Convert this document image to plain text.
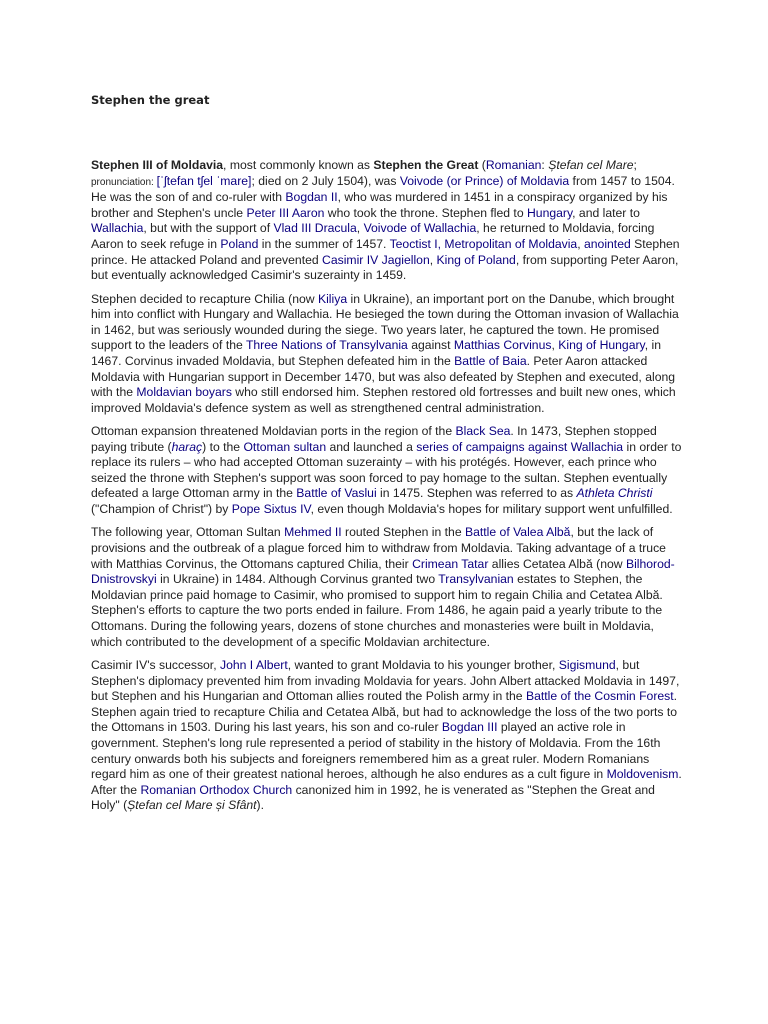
Stephen the great

Stephen III of Moldavia, most commonly known as Stephen the Great (Romanian: Ștefan cel Mare; pronunciation: [ˈʃtefan tʃel ˈmare]; died on 2 July 1504), was Voivode (or Prince) of Moldavia from 1457 to 1504. He was the son of and co-ruler with Bogdan II, who was murdered in 1451 in a conspiracy organized by his brother and Stephen's uncle Peter III Aaron who took the throne. Stephen fled to Hungary, and later to Wallachia, but with the support of Vlad III Dracula, Voivode of Wallachia, he returned to Moldavia, forcing Aaron to seek refuge in Poland in the summer of 1457. Teoctist I, Metropolitan of Moldavia, anointed Stephen prince. He attacked Poland and prevented Casimir IV Jagiellon, King of Poland, from supporting Peter Aaron, but eventually acknowledged Casimir's suzerainty in 1459.

Stephen decided to recapture Chilia (now Kiliya in Ukraine), an important port on the Danube, which brought him into conflict with Hungary and Wallachia. He besieged the town during the Ottoman invasion of Wallachia in 1462, but was seriously wounded during the siege. Two years later, he captured the town. He promised support to the leaders of the Three Nations of Transylvania against Matthias Corvinus, King of Hungary, in 1467. Corvinus invaded Moldavia, but Stephen defeated him in the Battle of Baia. Peter Aaron attacked Moldavia with Hungarian support in December 1470, but was also defeated by Stephen and executed, along with the Moldavian boyars who still endorsed him. Stephen restored old fortresses and built new ones, which improved Moldavia's defence system as well as strengthened central administration.

Ottoman expansion threatened Moldavian ports in the region of the Black Sea. In 1473, Stephen stopped paying tribute (haraç) to the Ottoman sultan and launched a series of campaigns against Wallachia in order to replace its rulers – who had accepted Ottoman suzerainty – with his protégés. However, each prince who seized the throne with Stephen's support was soon forced to pay homage to the sultan. Stephen eventually defeated a large Ottoman army in the Battle of Vaslui in 1475. Stephen was referred to as Athleta Christi ("Champion of Christ") by Pope Sixtus IV, even though Moldavia's hopes for military support went unfulfilled.

The following year, Ottoman Sultan Mehmed II routed Stephen in the Battle of Valea Albă, but the lack of provisions and the outbreak of a plague forced him to withdraw from Moldavia. Taking advantage of a truce with Matthias Corvinus, the Ottomans captured Chilia, their Crimean Tatar allies Cetatea Albă (now Bilhorod-Dnistrovskyi in Ukraine) in 1484. Although Corvinus granted two Transylvanian estates to Stephen, the Moldavian prince paid homage to Casimir, who promised to support him to regain Chilia and Cetatea Albă. Stephen's efforts to capture the two ports ended in failure. From 1486, he again paid a yearly tribute to the Ottomans. During the following years, dozens of stone churches and monasteries were built in Moldavia, which contributed to the development of a specific Moldavian architecture.

Casimir IV's successor, John I Albert, wanted to grant Moldavia to his younger brother, Sigismund, but Stephen's diplomacy prevented him from invading Moldavia for years. John Albert attacked Moldavia in 1497, but Stephen and his Hungarian and Ottoman allies routed the Polish army in the Battle of the Cosmin Forest. Stephen again tried to recapture Chilia and Cetatea Albă, but had to acknowledge the loss of the two ports to the Ottomans in 1503. During his last years, his son and co-ruler Bogdan III played an active role in government. Stephen's long rule represented a period of stability in the history of Moldavia. From the 16th century onwards both his subjects and foreigners remembered him as a great ruler. Modern Romanians regard him as one of their greatest national heroes, although he also endures as a cult figure in Moldovenism. After the Romanian Orthodox Church canonized him in 1992, he is venerated as "Stephen the Great and Holy" (Ștefan cel Mare și Sfânt).
